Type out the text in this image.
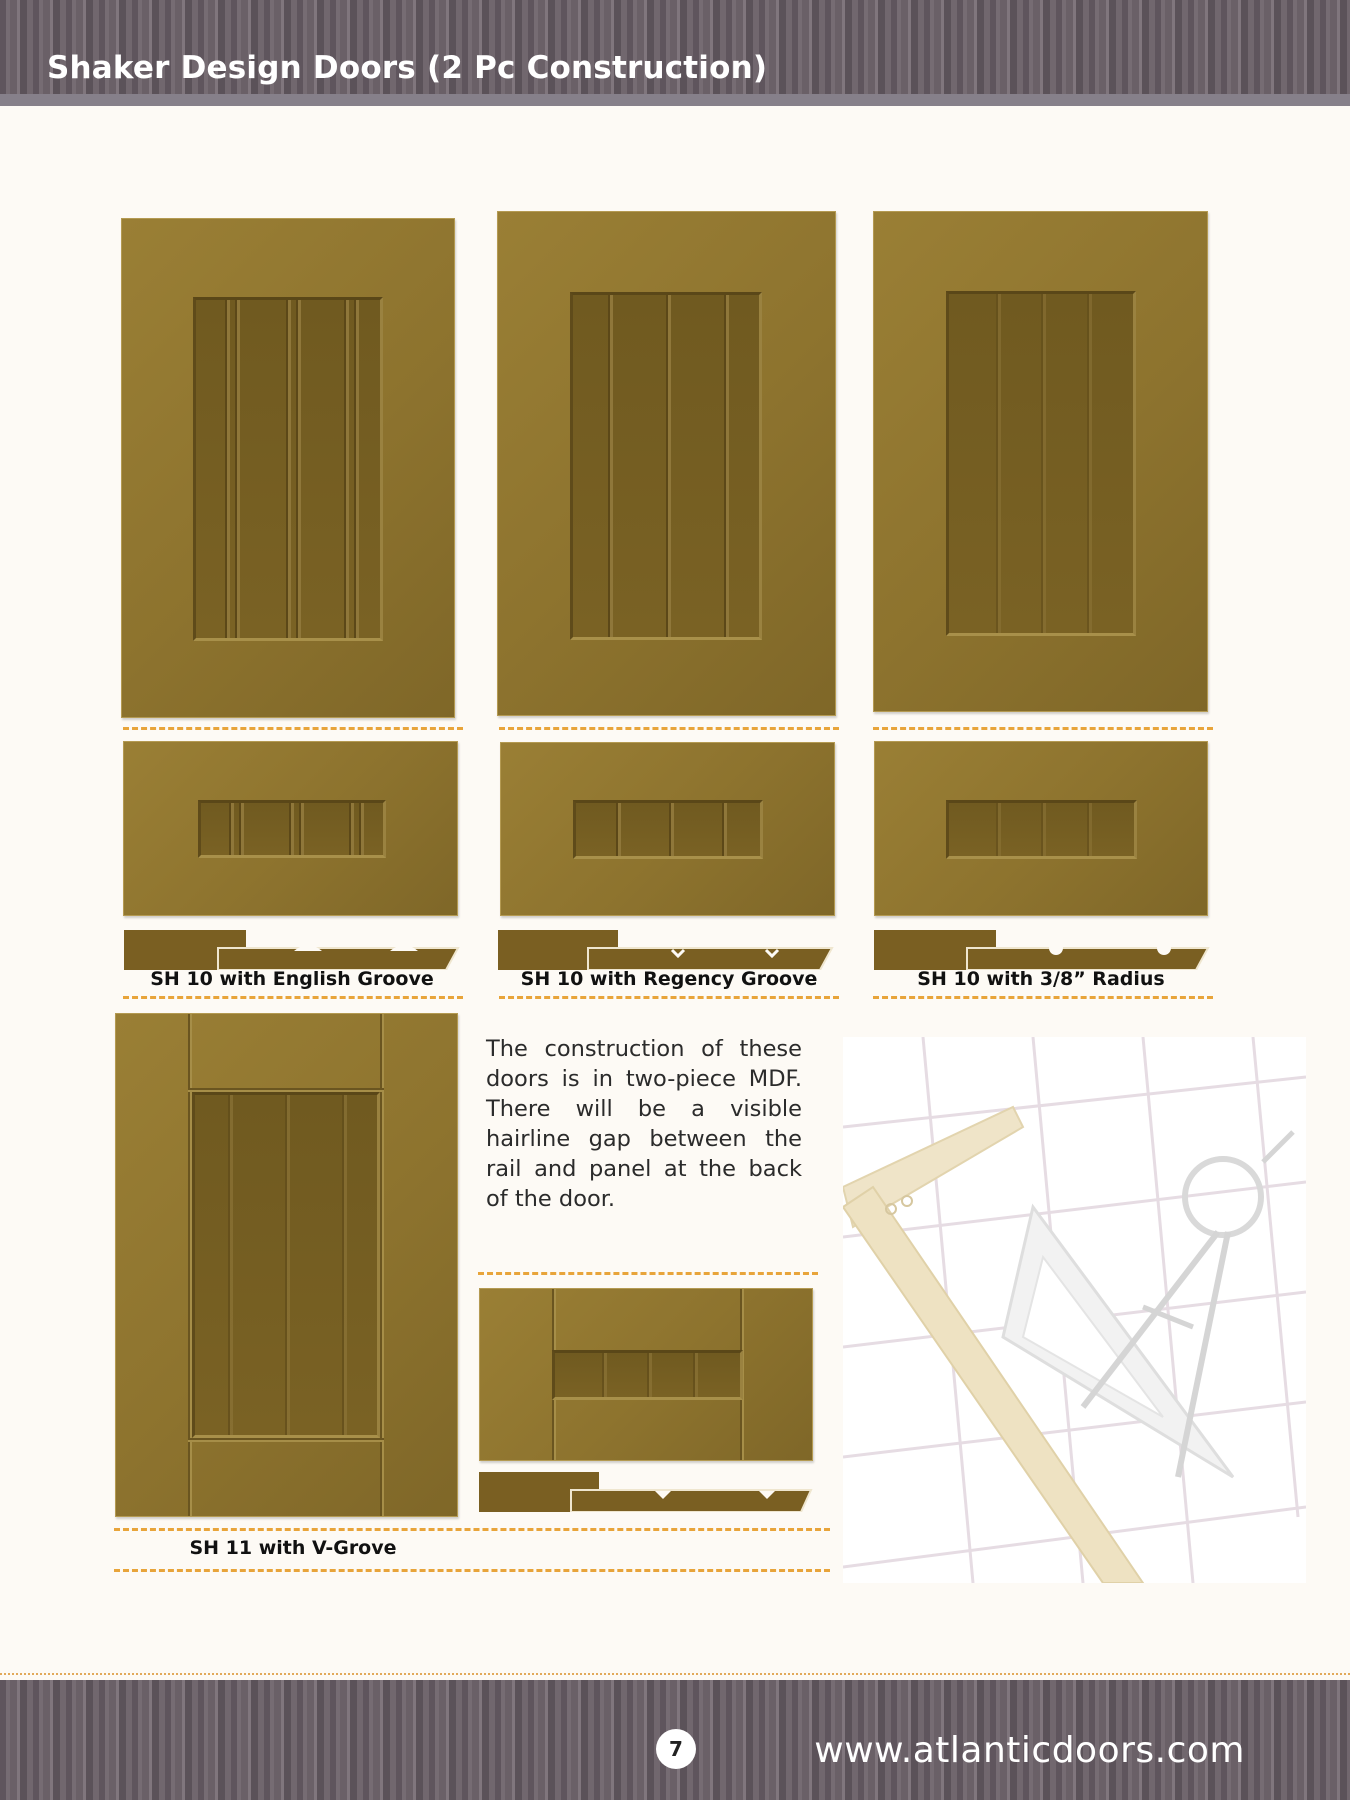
Shaker Design Doors (2 Pc Construction)
SH 10 with English Groove	SH 10 with Regency Groove	SH 10 with 3/8” Radius

The construction of these doors is in two-piece MDF. There will be a visible hairline gap between the rail and panel at the back of the door.

SH 11 with V-Grove
7	www.atlanticdoors.com
